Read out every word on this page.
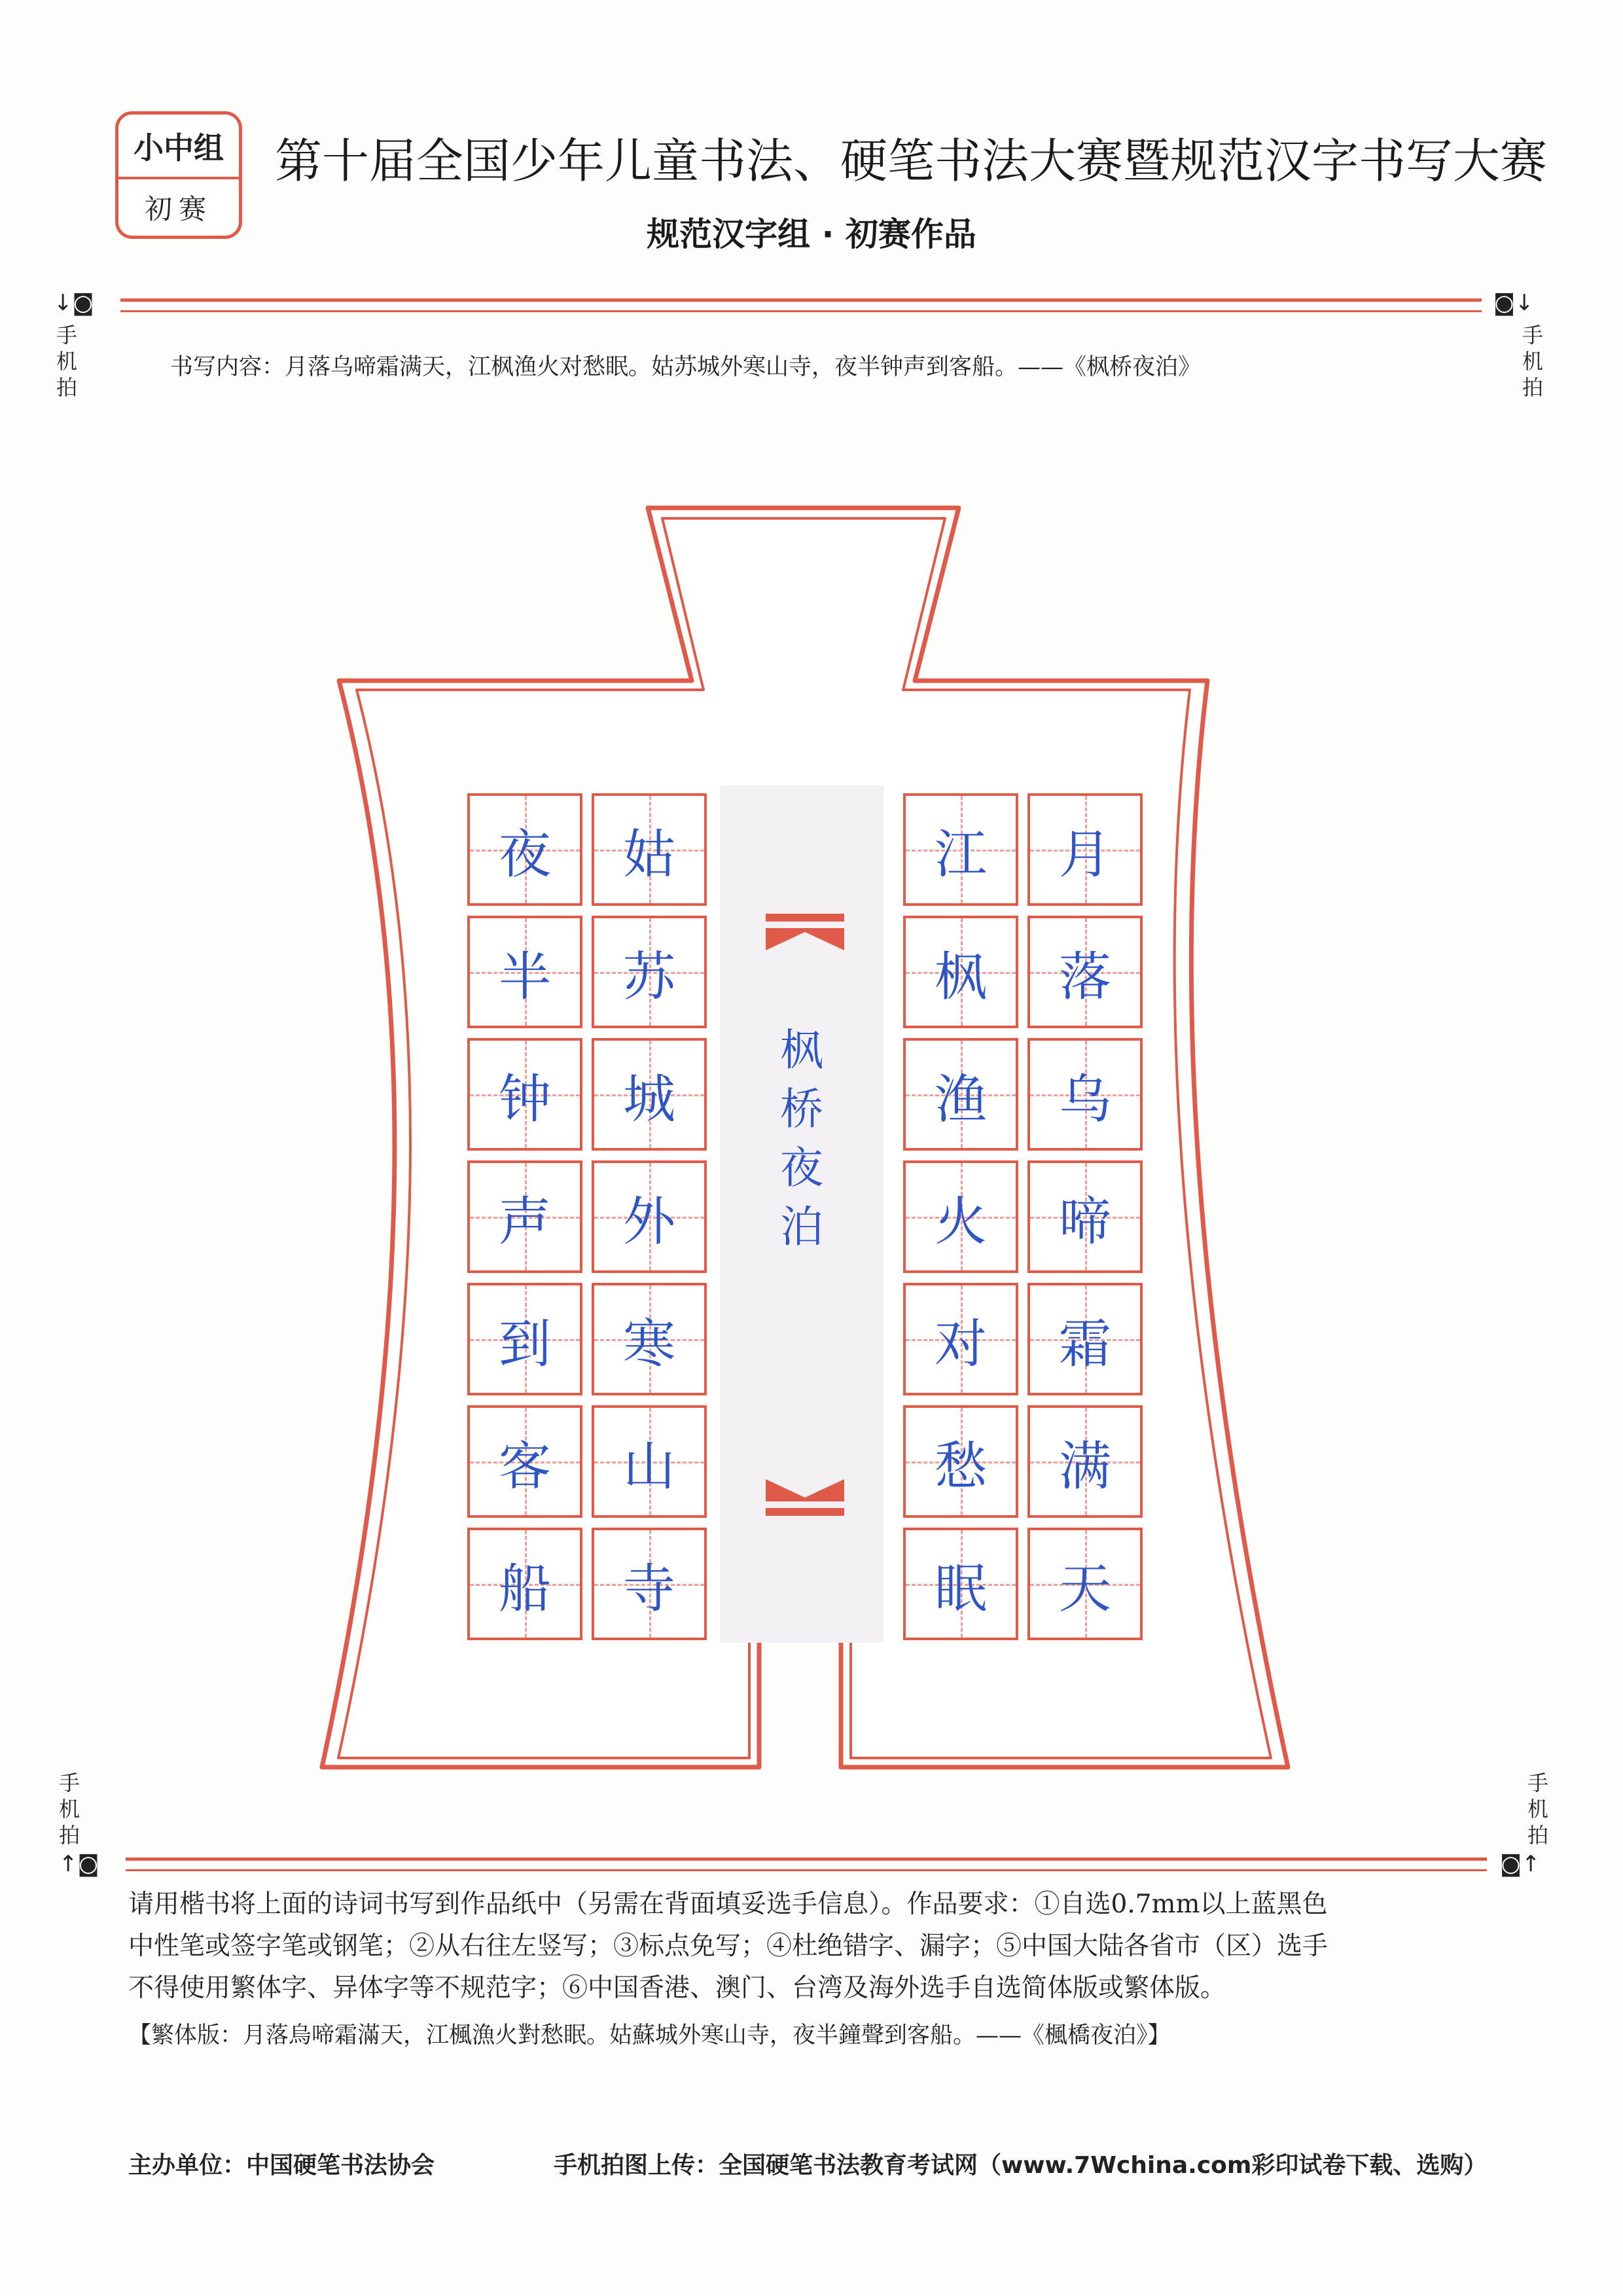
小中组
初赛
第十届全国少年儿童书法、硬笔书法大赛暨规范汉字书写大赛
规范汉字组 · 初赛作品
↓◙
手
机
拍
◙↓
手
机
拍
书写内容：月落乌啼霜满天，江枫渔火对愁眠。姑苏城外寒山寺，夜半钟声到客船。——《枫桥夜泊》
夜
半
钟
声
到
客
船
姑
苏
城
外
寒
山
寺
江
枫
渔
火
对
愁
眠
月
落
乌
啼
霜
满
天
枫
桥
夜
泊
手
机
拍
↑◙
手
机
拍
◙↑
请用楷书将上面的诗词书写到作品纸中（另需在背面填妥选手信息）。作品要求：①自选0.7mm以上蓝黑色
中性笔或签字笔或钢笔；②从右往左竖写；③标点免写；④杜绝错字、漏字；⑤中国大陆各省市（区）选手
不得使用繁体字、异体字等不规范字；⑥中国香港、澳门、台湾及海外选手自选简体版或繁体版。
【繁体版：月落烏啼霜滿天，江楓漁火對愁眠。姑蘇城外寒山寺，夜半鐘聲到客船。——《楓橋夜泊》】
主办单位：中国硬笔书法协会	手机拍图上传：全国硬笔书法教育考试网（www.7Wchina.com彩印试卷下载、选购）
